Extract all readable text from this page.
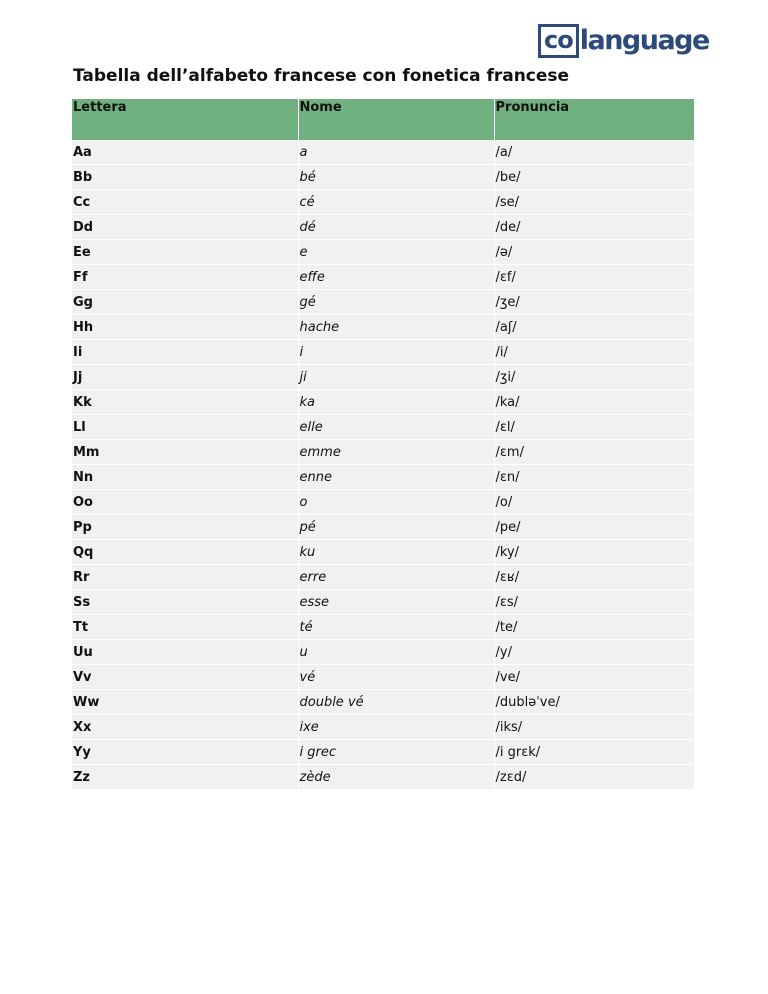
co language
Tabella dell’alfabeto francese con fonetica francese
Lettera	Nome	Pronuncia
Aa	a	/a/
Bb	bé	/be/
Cc	cé	/se/
Dd	dé	/de/
Ee	e	/ə/
Ff	effe	/ɛf/
Gg	gé	/ʒe/
Hh	hache	/aʃ/
Ii	i	/i/
Jj	ji	/ʒi/
Kk	ka	/ka/
Ll	elle	/ɛl/
Mm	emme	/ɛm/
Nn	enne	/ɛn/
Oo	o	/o/
Pp	pé	/pe/
Qq	ku	/ky/
Rr	erre	/ɛʁ/
Ss	esse	/ɛs/
Tt	té	/te/
Uu	u	/y/
Vv	vé	/ve/
Ww	double vé	/dubləˈve/
Xx	ixe	/iks/
Yy	i grec	/i grɛk/
Zz	zède	/zɛd/
